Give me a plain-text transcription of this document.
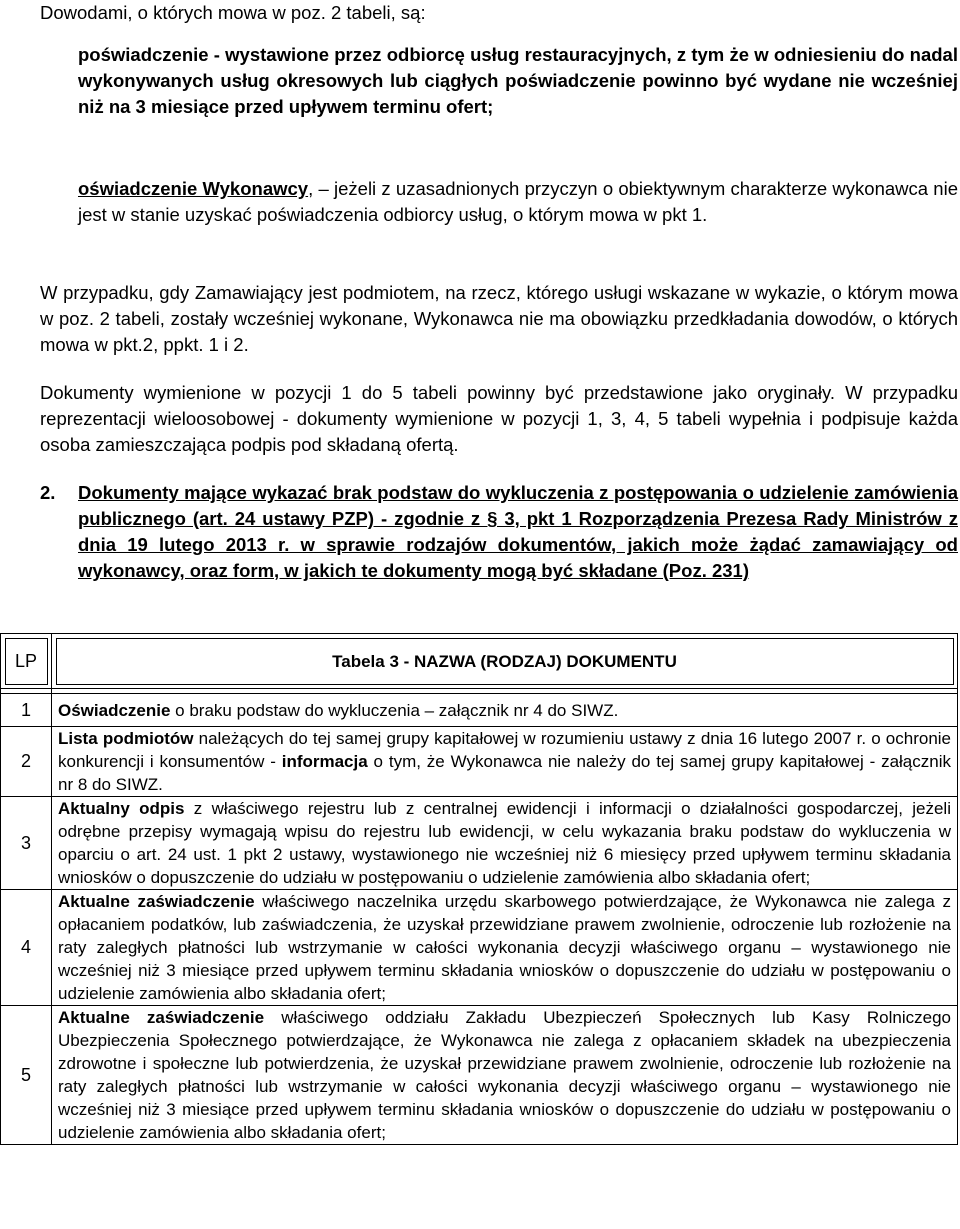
Dowodami, o których mowa w poz. 2 tabeli, są:
poświadczenie - wystawione przez odbiorcę usług restauracyjnych, z tym że w odniesieniu do nadal wykonywanych usług okresowych lub ciągłych poświadczenie powinno być wydane nie wcześniej niż na 3 miesiące przed upływem terminu ofert;
oświadczenie Wykonawcy, – jeżeli z uzasadnionych przyczyn o obiektywnym charakterze wykonawca nie jest w stanie uzyskać poświadczenia odbiorcy usług, o którym mowa w pkt 1.
W przypadku, gdy Zamawiający jest podmiotem, na rzecz, którego usługi wskazane w wykazie, o którym mowa w poz. 2 tabeli, zostały wcześniej wykonane, Wykonawca nie ma obowiązku przedkładania dowodów, o których mowa w pkt.2, ppkt. 1 i 2.
Dokumenty wymienione w pozycji 1 do 5 tabeli powinny być przedstawione jako oryginały. W przypadku reprezentacji wieloosobowej - dokumenty wymienione w pozycji 1, 3, 4, 5 tabeli wypełnia i podpisuje każda osoba zamieszczająca podpis pod składaną ofertą.
2. Dokumenty mające wykazać brak podstaw do wykluczenia z postępowania o udzielenie zamówienia publicznego (art. 24 ustawy PZP) - zgodnie z § 3, pkt 1 Rozporządzenia Prezesa Rady Ministrów z dnia 19 lutego 2013 r. w sprawie rodzajów dokumentów, jakich może żądać zamawiający od wykonawcy, oraz form, w jakich te dokumenty mogą być składane (Poz. 231)
LP	Tabela 3 - NAZWA (RODZAJ) DOKUMENTU

1	Oświadczenie o braku podstaw do wykluczenia – załącznik nr 4 do SIWZ.
2	Lista podmiotów należących do tej samej grupy kapitałowej w rozumieniu ustawy z dnia 16 lutego 2007 r. o ochronie konkurencji i konsumentów - informacja o tym, że Wykonawca nie należy do tej samej grupy kapitałowej - załącznik nr 8 do SIWZ.
3	Aktualny odpis z właściwego rejestru lub z centralnej ewidencji i informacji o działalności gospodarczej, jeżeli odrębne przepisy wymagają wpisu do rejestru lub ewidencji, w celu wykazania braku podstaw do wykluczenia w oparciu o art. 24 ust. 1 pkt 2 ustawy, wystawionego nie wcześniej niż 6 miesięcy przed upływem terminu składania wniosków o dopuszczenie do udziału w postępowaniu o udzielenie zamówienia albo składania ofert;
4	Aktualne zaświadczenie właściwego naczelnika urzędu skarbowego potwierdzające, że Wykonawca nie zalega z opłacaniem podatków, lub zaświadczenia, że uzyskał przewidziane prawem zwolnienie, odroczenie lub rozłożenie na raty zaległych płatności lub wstrzymanie w całości wykonania decyzji właściwego organu – wystawionego nie wcześniej niż 3 miesiące przed upływem terminu składania wniosków o dopuszczenie do udziału w postępowaniu o udzielenie zamówienia albo składania ofert;
5	Aktualne zaświadczenie właściwego oddziału Zakładu Ubezpieczeń Społecznych lub Kasy Rolniczego Ubezpieczenia Społecznego potwierdzające, że Wykonawca nie zalega z opłacaniem składek na ubezpieczenia zdrowotne i społeczne lub potwierdzenia, że uzyskał przewidziane prawem zwolnienie, odroczenie lub rozłożenie na raty zaległych płatności lub wstrzymanie w całości wykonania decyzji właściwego organu – wystawionego nie wcześniej niż 3 miesiące przed upływem terminu składania wniosków o dopuszczenie do udziału w postępowaniu o udzielenie zamówienia albo składania ofert;
